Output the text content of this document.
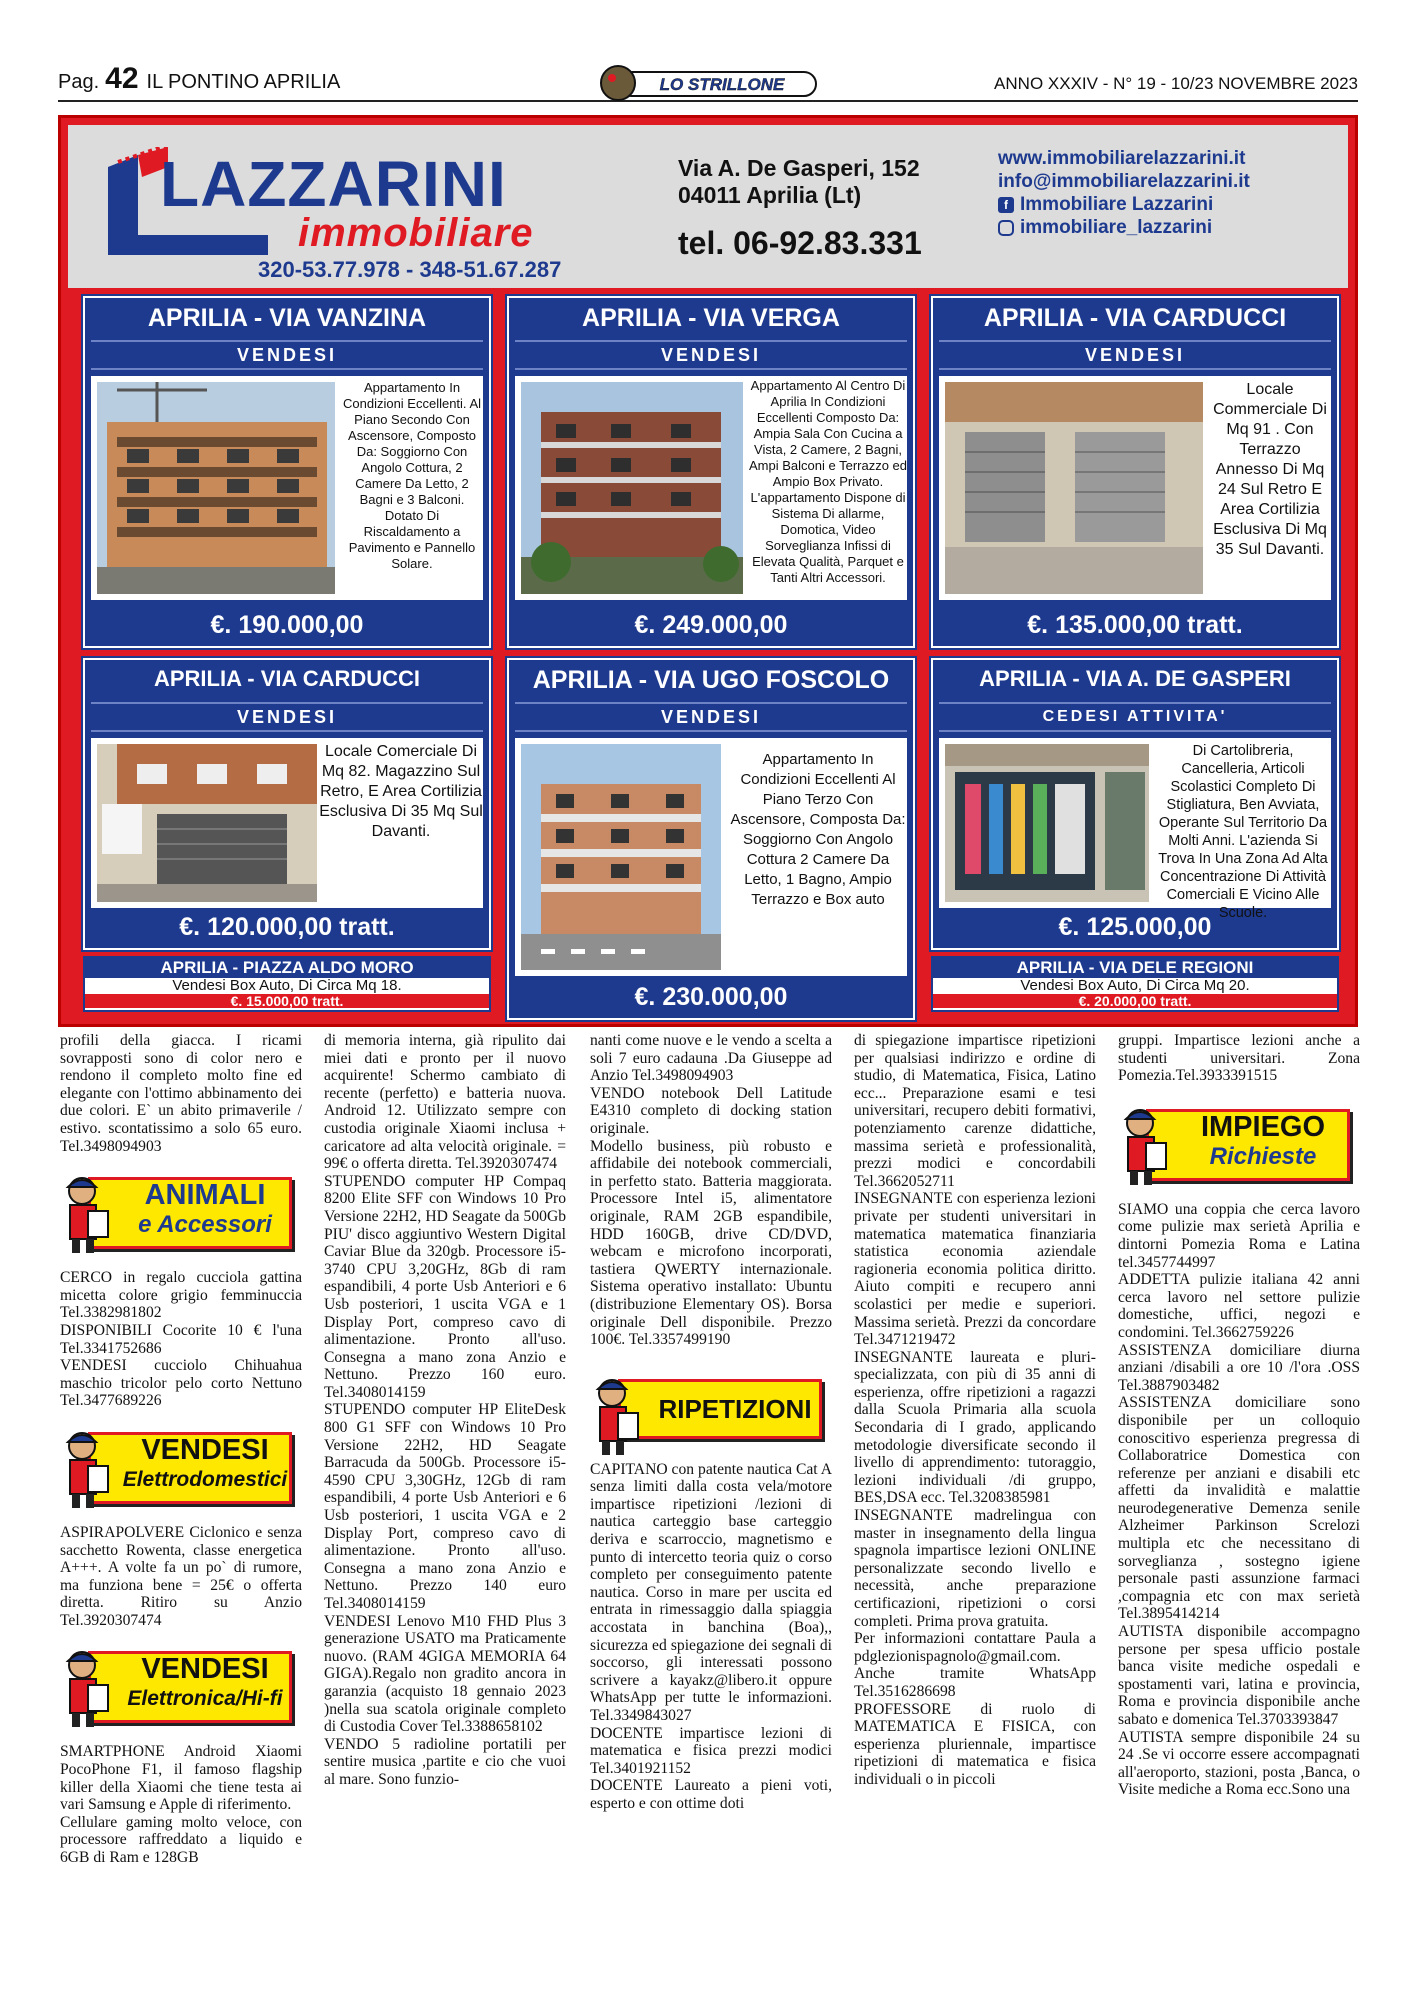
Pag. 42 IL PONTINO APRILIA	ANNO XXXIV - N° 19 - 10/23 NOVEMBRE 2023
LO STRILLONE
LAZZARINI
immobiliare
320-53.77.978 - 348-51.67.287
Via A. De Gasperi, 152
04011 Aprilia (Lt)
tel. 06-92.83.331
www.immobiliarelazzarini.it
info@immobiliarelazzarini.it
f Immobiliare Lazzarini
immobiliare_lazzarini
APRILIA - VIA VANZINA
VENDESI
Appartamento In Condizioni Eccellenti. Al Piano Secondo Con Ascensore, Composto Da: Soggiorno Con Angolo Cottura, 2 Camere Da Letto, 2 Bagni e 3 Balconi. Dotato Di Riscaldamento a Pavimento e Pannello Solare.
€. 190.000,00
APRILIA - VIA VERGA
VENDESI
Appartamento Al Centro Di Aprilia In Condizioni Eccellenti Composto Da: Ampia Sala Con Cucina a Vista, 2 Camere, 2 Bagni, Ampi Balconi e Terrazzo ed Ampio Box Privato. L'appartamento Dispone di Sistema Di allarme, Domotica, Video Sorveglianza Infissi di Elevata Qualità, Parquet e Tanti Altri Accessori.
€. 249.000,00
APRILIA - VIA CARDUCCI
VENDESI
Locale Commerciale Di Mq 91 . Con Terrazzo Annesso Di Mq 24 Sul Retro E Area Cortilizia Esclusiva Di Mq 35 Sul Davanti.
€. 135.000,00 tratt.
APRILIA - VIA CARDUCCI
VENDESI
Locale Comerciale Di Mq 82. Magazzino Sul Retro, E Area Cortilizia Esclusiva Di 35 Mq Sul Davanti.
€. 120.000,00 tratt.
APRILIA - VIA UGO FOSCOLO
VENDESI
Appartamento In Condizioni Eccellenti Al Piano Terzo Con Ascensore, Composta Da: Soggiorno Con Angolo Cottura 2 Camere Da Letto, 1 Bagno, Ampio Terrazzo e Box auto
€. 230.000,00
APRILIA - VIA A. DE GASPERI
CEDESI ATTIVITA'
Di Cartolibreria, Cancelleria, Articoli Scolastici Completo Di Stigliatura, Ben Avviata, Operante Sul Territorio Da Molti Anni. L'azienda Si Trova In Una Zona Ad Alta Concentrazione Di Attività Comerciali E Vicino Alle Scuole.
€. 125.000,00
APRILIA - PIAZZA ALDO MORO
Vendesi Box Auto, Di Circa Mq 18.
€. 15.000,00 tratt.
APRILIA - VIA DELE REGIONI
Vendesi Box Auto, Di Circa Mq 20.
€. 20.000,00 tratt.

profili della giacca. I ricami sovrapposti sono di color nero e rendono il completo molto fine ed elegante con l'ottimo abbinamento dei due colori. E` un abito primaverile / estivo. scontatissimo a solo 65 euro. Tel.3498094903

ANIMALI
e Accessori

CERCO in regalo cucciola gattina micetta colore grigio femminuccia Tel.3382981802

DISPONIBILI Cocorite 10 € l'una Tel.3341752686

VENDESI cucciolo Chihuahua maschio tricolor pelo corto Nettuno Tel.3477689226

VENDESI
Elettrodomestici

ASPIRAPOLVERE Ciclonico e senza sacchetto Rowenta, classe energetica A+++. A volte fa un po` di rumore, ma funziona bene = 25€ o offerta diretta. Ritiro su Anzio Tel.3920307474

VENDESI
Elettronica/Hi-fi

SMARTPHONE Android Xiaomi PocoPhone F1, il famoso flagship killer della Xiaomi che tiene testa ai vari Samsung e Apple di riferimento.

Cellulare gaming molto veloce, con processore raffreddato a liquido e 6GB di Ram e 128GB

di memoria interna, già ripulito dai miei dati e pronto per il nuovo acquirente! Schermo cambiato di recente (perfetto) e batteria nuova. Android 12. Utilizzato sempre con custodia originale Xiaomi inclusa + caricatore ad alta velocità originale. = 99€ o offerta diretta. Tel.3920307474

STUPENDO computer HP Compaq 8200 Elite SFF con Windows 10 Pro Versione 22H2, HD Seagate da 500Gb PIU' disco aggiuntivo Western Digital Caviar Blue da 320gb. Processore i5-3740 CPU 3,20GHz, 8Gb di ram espandibili, 4 porte Usb Anteriori e 6 Usb posteriori, 1 uscita VGA e 1 Display Port, compreso cavo di alimentazione. Pronto all'uso. Consegna a mano zona Anzio e Nettuno. Prezzo 160 euro. Tel.3408014159

STUPENDO computer HP EliteDesk 800 G1 SFF con Windows 10 Pro Versione 22H2, HD Seagate Barracuda da 500Gb. Processore i5-4590 CPU 3,30GHz, 12Gb di ram espandibili, 4 porte Usb Anteriori e 6 Usb posteriori, 1 uscita VGA e 2 Display Port, compreso cavo di alimentazione. Pronto all'uso. Consegna a mano zona Anzio e Nettuno. Prezzo 140 euro Tel.3408014159

VENDESI Lenovo M10 FHD Plus 3 generazione USATO ma Praticamente nuovo. (RAM 4GIGA MEMORIA 64 GIGA).Regalo non gradito ancora in garanzia (acquisto 18 gennaio 2023 )nella sua scatola originale completo di Custodia Cover Tel.3388658102

VENDO 5 radioline portatili per sentire musica ,partite e cio che vuoi al mare. Sono funzio-

nanti come nuove e le vendo a scelta a soli 7 euro cadauna .Da Giuseppe ad Anzio Tel.3498094903

VENDO notebook Dell Latitude E4310 completo di docking station originale.

Modello business, più robusto e affidabile dei notebook commerciali, in perfetto stato. Batteria maggiorata. Processore Intel i5, alimentatore originale, RAM 2GB espandibile, HDD 160GB, drive CD/DVD, webcam e microfono incorporati, tastiera QWERTY internazionale. Sistema operativo installato: Ubuntu (distribuzione Elementary OS). Borsa originale Dell disponibile. Prezzo 100€. Tel.3357499190

RIPETIZIONI

CAPITANO con patente nautica Cat A senza limiti dalla costa vela/motore impartisce ripetizioni /lezioni di nautica carteggio base carteggio deriva e scarroccio, magnetismo e punto di intercetto teoria quiz o corso completo per conseguimento patente nautica. Corso in mare per uscita ed entrata in rimessaggio dalla spiaggia accostata in banchina (Boa),, sicurezza ed spiegazione dei segnali di soccorso, gli interessati possono scrivere a kayakz@libero.it oppure WhatsApp per tutte le informazioni. Tel.3349843027

DOCENTE impartisce lezioni di matematica e fisica prezzi modici Tel.3401921152

DOCENTE Laureato a pieni voti, esperto e con ottime doti

di spiegazione impartisce ripetizioni per qualsiasi indirizzo e ordine di studio, di Matematica, Fisica, Latino ecc... Preparazione esami e tesi universitari, recupero debiti formativi, potenziamento carenze didattiche, massima serietà e professionalità, prezzi modici e concordabili Tel.3662052711

INSEGNANTE con esperienza lezioni private per studenti universitari in matematica matematica finanziaria statistica economia aziendale ragioneria economia politica diritto. Aiuto compiti e recupero anni scolastici per medie e superiori. Massima serietà. Prezzi da concordare Tel.3471219472

INSEGNANTE laureata e pluri-specializzata, con più di 35 anni di esperienza, offre ripetizioni a ragazzi dalla Scuola Primaria alla scuola Secondaria di I grado, applicando metodologie diversificate secondo il livello di apprendimento: tutoraggio, lezioni individuali /di gruppo, BES,DSA ecc. Tel.3208385981

INSEGNANTE madrelingua con master in insegnamento della lingua spagnola impartisce lezioni ONLINE personalizzate secondo livello e necessità, anche preparazione certificazioni, ripetizioni o corsi completi. Prima prova gratuita.

Per informazioni contattare Paula a pdglezionispagnolo@gmail.com. Anche tramite WhatsApp Tel.3516286698

PROFESSORE di ruolo di MATEMATICA E FISICA, con esperienza pluriennale, impartisce ripetizioni di matematica e fisica individuali o in piccoli

gruppi. Impartisce lezioni anche a studenti universitari. Zona Pomezia.Tel.3933391515

IMPIEGO
Richieste

SIAMO una coppia che cerca lavoro come pulizie max serietà Aprilia e dintorni Pomezia Roma e Latina tel.3457744997

ADDETTA pulizie italiana 42 anni cerca lavoro nel settore pulizie domestiche, uffici, negozi e condomini. Tel.3662759226

ASSISTENZA domiciliare diurna anziani /disabili a ore 10 /l'ora .OSS Tel.3887903482

ASSISTENZA domiciliare sono disponibile per un colloquio conoscitivo esperienza pregressa di Collaboratrice Domestica con referenze per anziani e disabili etc affetti da invalidità e malattie neurodegenerative Demenza senile Alzheimer Parkinson Screlozi multipla etc che necessitano di sorveglianza , sostegno igiene personale pasti assunzione farmaci ,compagnia etc con max serietà Tel.3895414214

AUTISTA disponibile accompagno persone per spesa ufficio postale banca visite mediche ospedali e spostamenti vari, latina e provincia, Roma e provincia disponibile anche sabato e domenica Tel.3703393847

AUTISTA sempre disponibile 24 su 24 .Se vi occorre essere accompagnati all'aeroporto, stazioni, posta ,Banca, o Visite mediche a Roma ecc.Sono una
